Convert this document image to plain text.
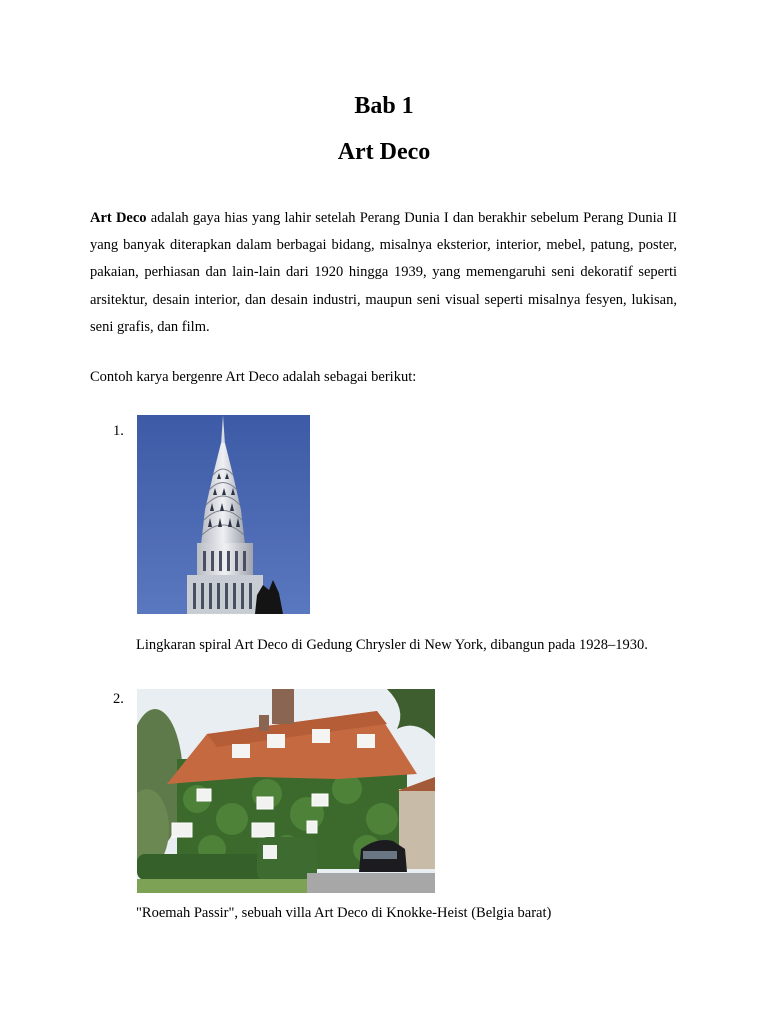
Bab 1
Art Deco

Art Deco adalah gaya hias yang lahir setelah Perang Dunia I dan berakhir sebelum Perang Dunia II yang banyak diterapkan dalam berbagai bidang, misalnya eksterior, interior, mebel, patung, poster, pakaian, perhiasan dan lain-lain dari 1920 hingga 1939, yang memengaruhi seni dekoratif seperti arsitektur, desain interior, dan desain industri, maupun seni visual seperti misalnya fesyen, lukisan, seni grafis, dan film.

Contoh karya bergenre Art Deco adalah sebagai berikut:

1.
Lingkaran spiral Art Deco di Gedung Chrysler di New York, dibangun pada 1928–1930.
2.
"Roemah Passir", sebuah villa Art Deco di Knokke-Heist (Belgia barat)
